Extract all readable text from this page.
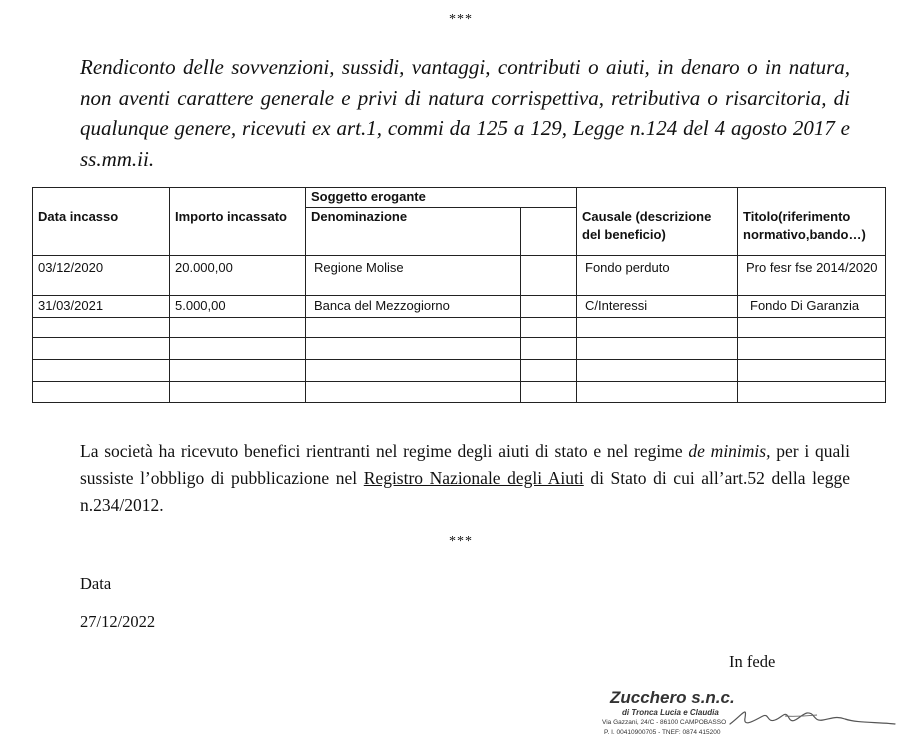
***
Rendiconto delle sovvenzioni, sussidi, vantaggi, contributi o aiuti, in denaro o in natura, non aventi carattere generale e privi di natura corrispettiva, retributiva o risarcitoria, di qualunque genere, ricevuti ex art.1, commi da 125 a 129, Legge n.124 del 4 agosto 2017 e ss.mm.ii.
Data incasso	Importo incassato	Soggetto erogante		Causale (descrizione del beneficio)	Titolo(riferimento normativo,bando…)
		Denominazione			
03/12/2020	20.000,00	Regione Molise		Fondo perduto	Pro fesr fse 2014/2020
31/03/2021	5.000,00	Banca del Mezzogiorno		C/Interessi	Fondo Di Garanzia

La società ha ricevuto benefici rientranti nel regime degli aiuti di stato e nel regime de minimis, per i quali sussiste l’obbligo di pubblicazione nel Registro Nazionale degli Aiuti di Stato di cui all’art.52 della legge n.234/2012.
***
Data
27/12/2022
In fede
Zucchero s.n.c.
di Tronca Lucia e Claudia
Via Gazzani, 24/C - 86100 CAMPOBASSO
P. I. 00410900705 - TNEF: 0874 415200
